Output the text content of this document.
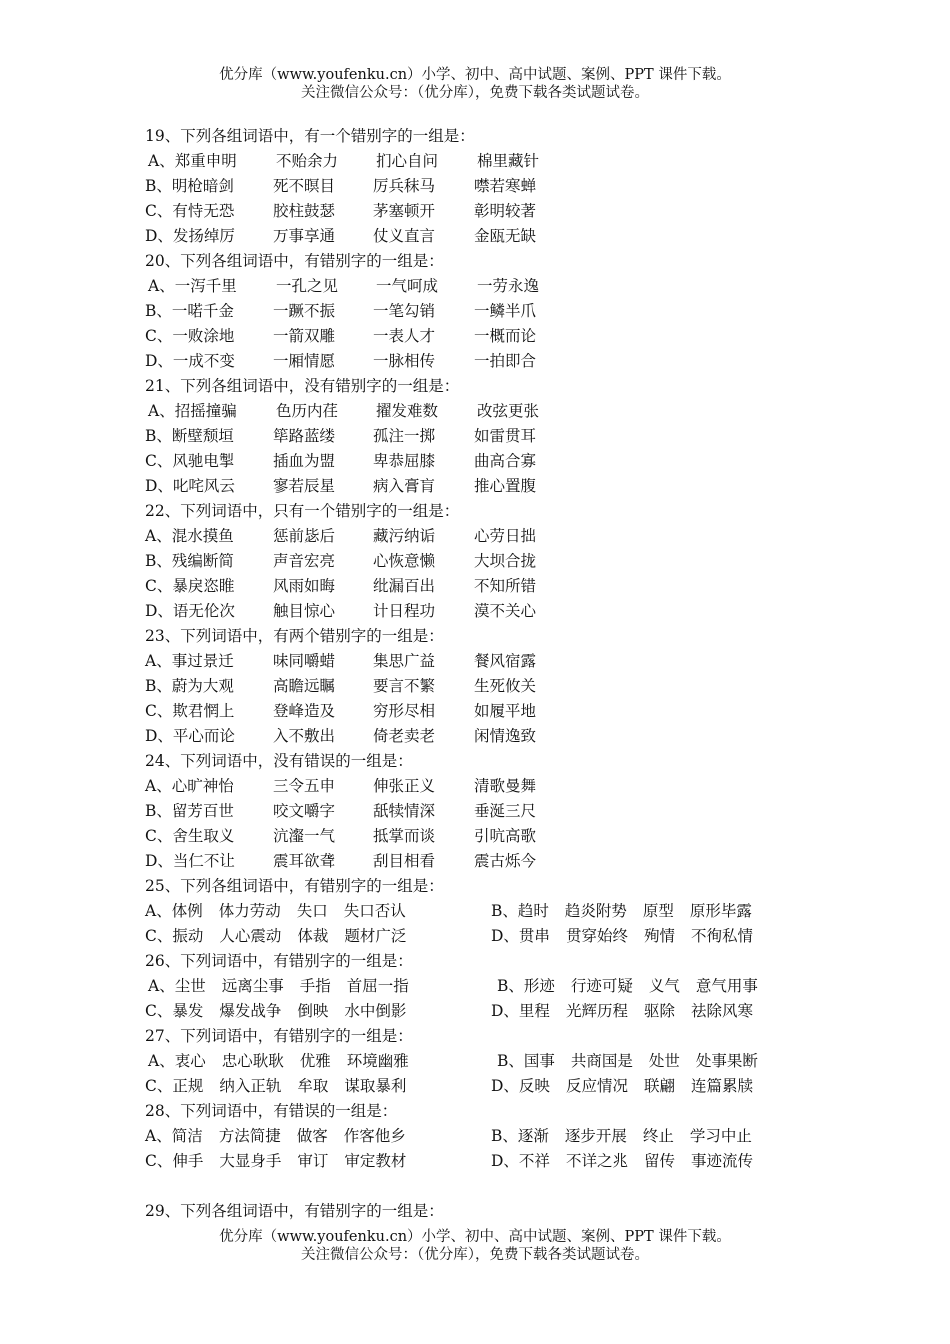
优分库（www.youfenku.cn）小学、初中、高中试题、案例、PPT 课件下载。
关注微信公众号：（优分库），免费下载各类试题试卷。
19、下列各组词语中，有一个错别字的一组是：
A、郑重申明	不贻余力	扪心自问	棉里藏针
B、明枪暗剑	死不暝目	厉兵秣马	噤若寒蝉
C、有恃无恐	胶柱鼓瑟	茅塞顿开	彰明较著
D、发扬绰厉	万事享通	仗义直言	金瓯无缺
20、下列各组词语中，有错别字的一组是：
A、一泻千里	一孔之见	一气呵成	一劳永逸
B、一喏千金	一蹶不振	一笔勾销	一鳞半爪
C、一败涂地	一箭双雕	一表人才	一概而论
D、一成不变	一厢情愿	一脉相传	一拍即合
21、下列各组词语中，没有错别字的一组是：
A、招摇撞骗	色历内荏	擢发难数	改弦更张
B、断壁颓垣	筚路蓝缕	孤注一掷	如雷贯耳
C、风驰电掣	插血为盟	卑恭屈膝	曲高合寡
D、叱咤风云	寥若辰星	病入膏肓	推心置腹
22、下列词语中，只有一个错别字的一组是：
A、混水摸鱼	惩前毖后	藏污纳诟	心劳日拙
B、残编断简	声音宏亮	心恢意懒	大坝合拢
C、暴戾恣睢	风雨如晦	纰漏百出	不知所错
D、语无伦次	触目惊心	计日程功	漠不关心
23、下列词语中，有两个错别字的一组是：
A、事过景迁	味同嚼蜡	集思广益	餐风宿露
B、蔚为大观	高瞻远瞩	要言不繁	生死攸关
C、欺君惘上	登峰造及	穷形尽相	如履平地
D、平心而论	入不敷出	倚老卖老	闲情逸致
24、下列词语中，没有错误的一组是：
A、心旷神怡	三令五申	伸张正义	清歌曼舞
B、留芳百世	咬文嚼字	舐犊情深	垂涎三尺
C、舍生取义	沆瀣一气	抵掌而谈	引吭高歌
D、当仁不让	震耳欲聋	刮目相看	震古烁今
25、下列各组词语中，有错别字的一组是：
A、体例 体力劳动 失口 失口否认	B、趋时 趋炎附势 原型 原形毕露
C、振动 人心震动 体裁 题材广泛	D、贯串 贯穿始终 殉情 不徇私情
26、下列词语中，有错别字的一组是：
A、尘世 远离尘事 手指 首屈一指	B、形迹 行迹可疑 义气 意气用事
C、暴发 爆发战争 倒映 水中倒影	D、里程 光辉历程 驱除 祛除风寒
27、下列词语中，有错别字的一组是：
A、衷心 忠心耿耿 优雅 环境幽雅	B、国事 共商国是 处世 处事果断
C、正规 纳入正轨 牟取 谋取暴利	D、反映 反应情况 联翩 连篇累牍
28、下列词语中，有错误的一组是：
A、简洁 方法简捷 做客 作客他乡	B、逐渐 逐步开展 终止 学习中止
C、伸手 大显身手 审订 审定教材	D、不祥 不详之兆 留传 事迹流传
29、下列各组词语中，有错别字的一组是：
优分库（www.youfenku.cn）小学、初中、高中试题、案例、PPT 课件下载。
关注微信公众号：（优分库），免费下载各类试题试卷。
